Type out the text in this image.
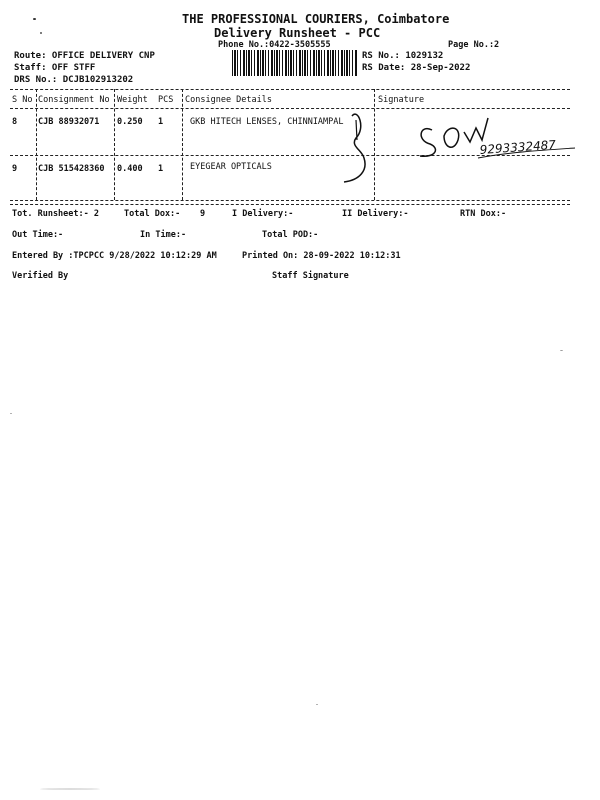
THE PROFESSIONAL COURIERS, Coimbatore
Delivery Runsheet - PCC
Phone No.:0422-3505555	Page No.:2
Route: OFFICE DELIVERY CNP
Staff: OFF STFF
DRS No.: DCJB102913202
RS No.: 1029132
RS Date: 28-Sep-2022
S No Consignment No Weight PCS Consignee Details	Signature
8 CJB 88932071 0.250 1	GKB HITECH LENSES, CHINNIAMPAL
9 CJB 515428360 0.400 1	EYEGEAR OPTICALS
9293332487
Tot. Runsheet:- 2	Total Dox:- 9	I Delivery:-	II Delivery:-	RTN Dox:-
Out Time:-	In Time:-	Total POD:-
Entered By :TPCPCC 9/28/2022 10:12:29 AM	Printed On: 28-09-2022 10:12:31
Verified By	Staff Signature
